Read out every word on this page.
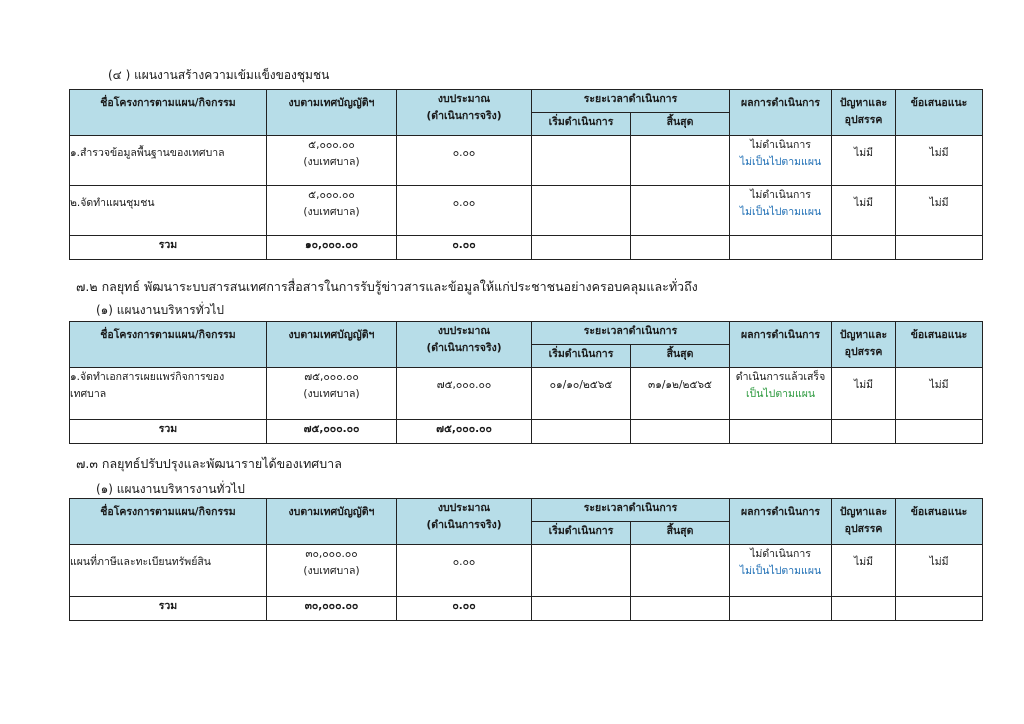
(๔ ) แผนงานสร้างความเข้มแข็งของชุมชน
ชื่อโครงการตามแผน/กิจกรรม	งบตามเทศบัญญัติฯ	งบประมาณ
(ดำเนินการจริง)	ระยะเวลาดำเนินการ		ผลการดำเนินการ	ปัญหาและ
อุปสรรค	ข้อเสนอแนะ

			เริ่มดำเนินการ	สิ้นสุด			
๑.สำรวจข้อมูลพื้นฐานของเทศบาล	๕,๐๐๐.๐๐
(งบเทศบาล)	๐.๐๐			ไม่ดำเนินการ
ไม่เป็นไปตามแผน	ไม่มี	ไม่มี
๒.จัดทำแผนชุมชน	๕,๐๐๐.๐๐
(งบเทศบาล)	๐.๐๐			ไม่ดำเนินการ
ไม่เป็นไปตามแผน	ไม่มี	ไม่มี
รวม	๑๐,๐๐๐.๐๐	๐.๐๐					
๗.๒ กลยุทธ์ พัฒนาระบบสารสนเทศการสื่อสารในการรับรู้ข่าวสารและข้อมูลให้แก่ประชาชนอย่างครอบคลุมและทั่วถึง
(๑) แผนงานบริหารทั่วไป
ชื่อโครงการตามแผน/กิจกรรม	งบตามเทศบัญญัติฯ	งบประมาณ
(ดำเนินการจริง)	ระยะเวลาดำเนินการ		ผลการดำเนินการ	ปัญหาและ
อุปสรรค	ข้อเสนอแนะ

			เริ่มดำเนินการ	สิ้นสุด			

๑.จัดทำเอกสารเผยแพร่กิจการของ
เทศบาล	๗๕,๐๐๐.๐๐
(งบเทศบาล)	๗๕,๐๐๐.๐๐	๐๑/๑๐/๒๕๖๕	๓๑/๑๒/๒๕๖๕	ดำเนินการแล้วเสร็จ
เป็นไปตามแผน	ไม่มี	ไม่มี
รวม	๗๕,๐๐๐.๐๐	๗๕,๐๐๐.๐๐					
๗.๓ กลยุทธ์ปรับปรุงและพัฒนารายได้ของเทศบาล
(๑) แผนงานบริหารงานทั่วไป
ชื่อโครงการตามแผน/กิจกรรม	งบตามเทศบัญญัติฯ	งบประมาณ
(ดำเนินการจริง)	ระยะเวลาดำเนินการ		ผลการดำเนินการ	ปัญหาและ
อุปสรรค	ข้อเสนอแนะ

			เริ่มดำเนินการ	สิ้นสุด			
แผนที่ภาษีและทะเบียนทรัพย์สิน	๓๐,๐๐๐.๐๐
(งบเทศบาล)	๐.๐๐			ไม่ดำเนินการ
ไม่เป็นไปตามแผน	ไม่มี	ไม่มี
รวม	๓๐,๐๐๐.๐๐	๐.๐๐					
